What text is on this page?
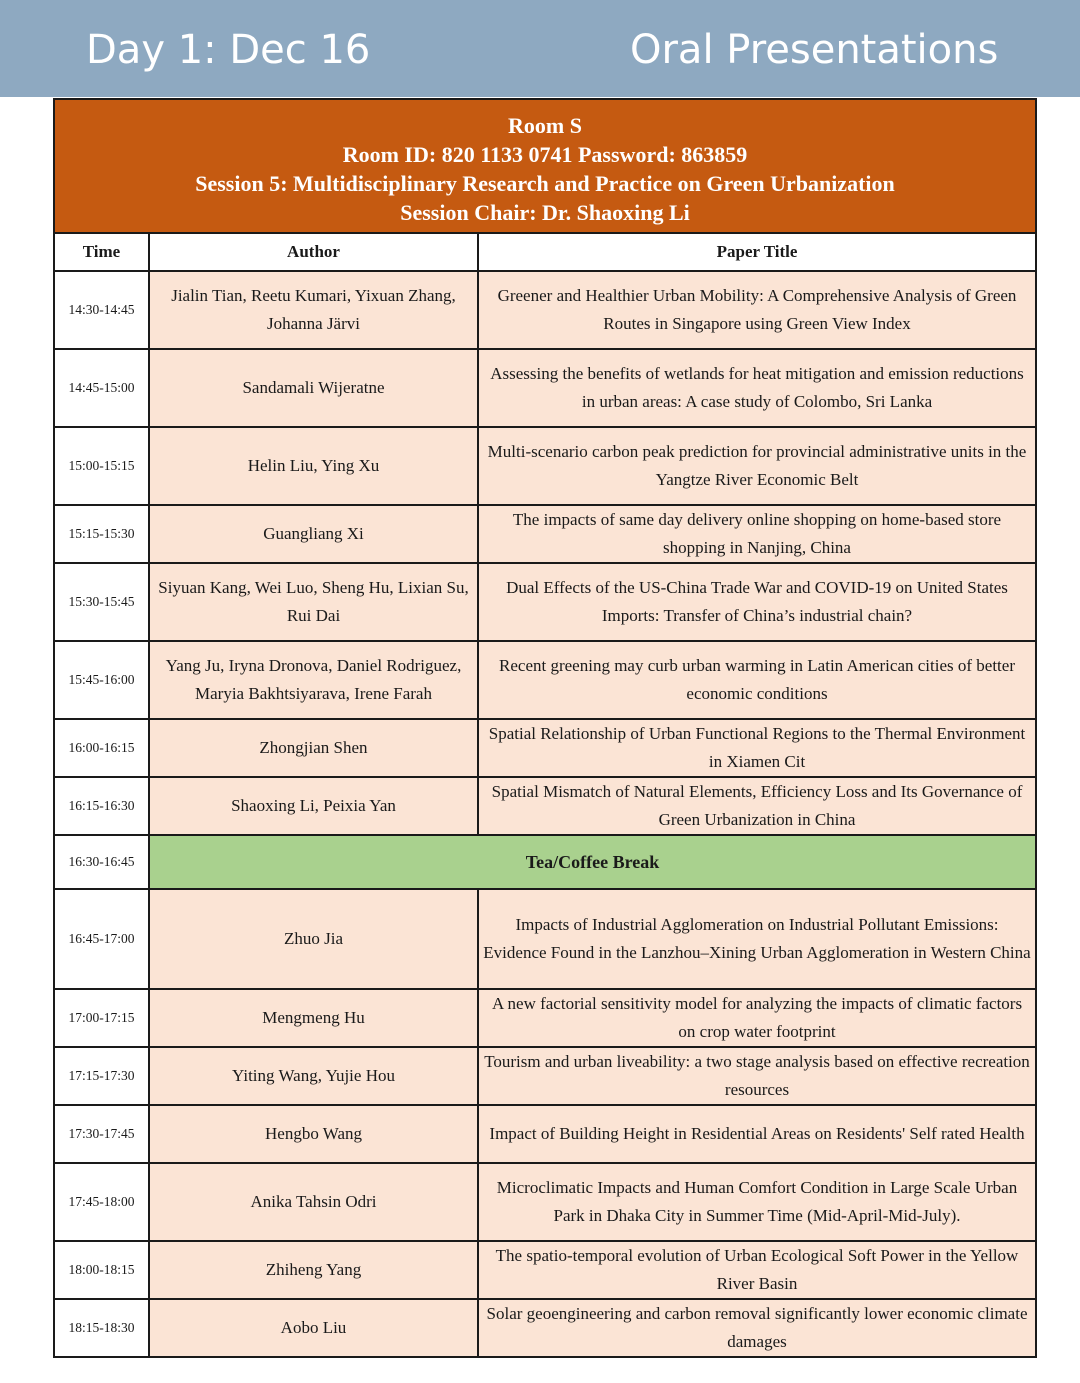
Day 1: Dec 16	Oral Presentations
Room S
Room ID: 820 1133 0741 Password: 863859
Session 5: Multidisciplinary Research and Practice on Green Urbanization
Session Chair: Dr. Shaoxing Li		

Time	Author	Paper Title
14:30-14:45	Jialin Tian, Reetu Kumari, Yixuan Zhang, Johanna Järvi	Greener and Healthier Urban Mobility: A Comprehensive Analysis of Green Routes in Singapore using Green View Index
14:45-15:00	Sandamali Wijeratne	Assessing the benefits of wetlands for heat mitigation and emission reductions in urban areas: A case study of Colombo, Sri Lanka
15:00-15:15	Helin Liu, Ying Xu	Multi-scenario carbon peak prediction for provincial administrative units in the Yangtze River Economic Belt
15:15-15:30	Guangliang Xi	The impacts of same day delivery online shopping on home-based store shopping in Nanjing, China
15:30-15:45	Siyuan Kang, Wei Luo, Sheng Hu, Lixian Su, Rui Dai	Dual Effects of the US-China Trade War and COVID-19 on United States Imports: Transfer of China’s industrial chain?
15:45-16:00	Yang Ju, Iryna Dronova, Daniel Rodriguez, Maryia Bakhtsiyarava, Irene Farah	Recent greening may curb urban warming in Latin American cities of better economic conditions
16:00-16:15	Zhongjian Shen	Spatial Relationship of Urban Functional Regions to the Thermal Environment in Xiamen Cit
16:15-16:30	Shaoxing Li, Peixia Yan	Spatial Mismatch of Natural Elements, Efficiency Loss and Its Governance of Green Urbanization in China
16:30-16:45	Tea/Coffee Break	
16:45-17:00	Zhuo Jia	Impacts of Industrial Agglomeration on Industrial Pollutant Emissions: Evidence Found in the Lanzhou–Xining Urban Agglomeration in Western China
17:00-17:15	Mengmeng Hu	A new factorial sensitivity model for analyzing the impacts of climatic factors on crop water footprint
17:15-17:30	Yiting Wang, Yujie Hou	Tourism and urban liveability: a two stage analysis based on effective recreation resources
17:30-17:45	Hengbo Wang	Impact of Building Height in Residential Areas on Residents' Self rated Health
17:45-18:00	Anika Tahsin Odri	Microclimatic Impacts and Human Comfort Condition in Large Scale Urban Park in Dhaka City in Summer Time (Mid-April-Mid-July).
18:00-18:15	Zhiheng Yang	The spatio-temporal evolution of Urban Ecological Soft Power in the Yellow River Basin
18:15-18:30	Aobo Liu	Solar geoengineering and carbon removal significantly lower economic climate damages
